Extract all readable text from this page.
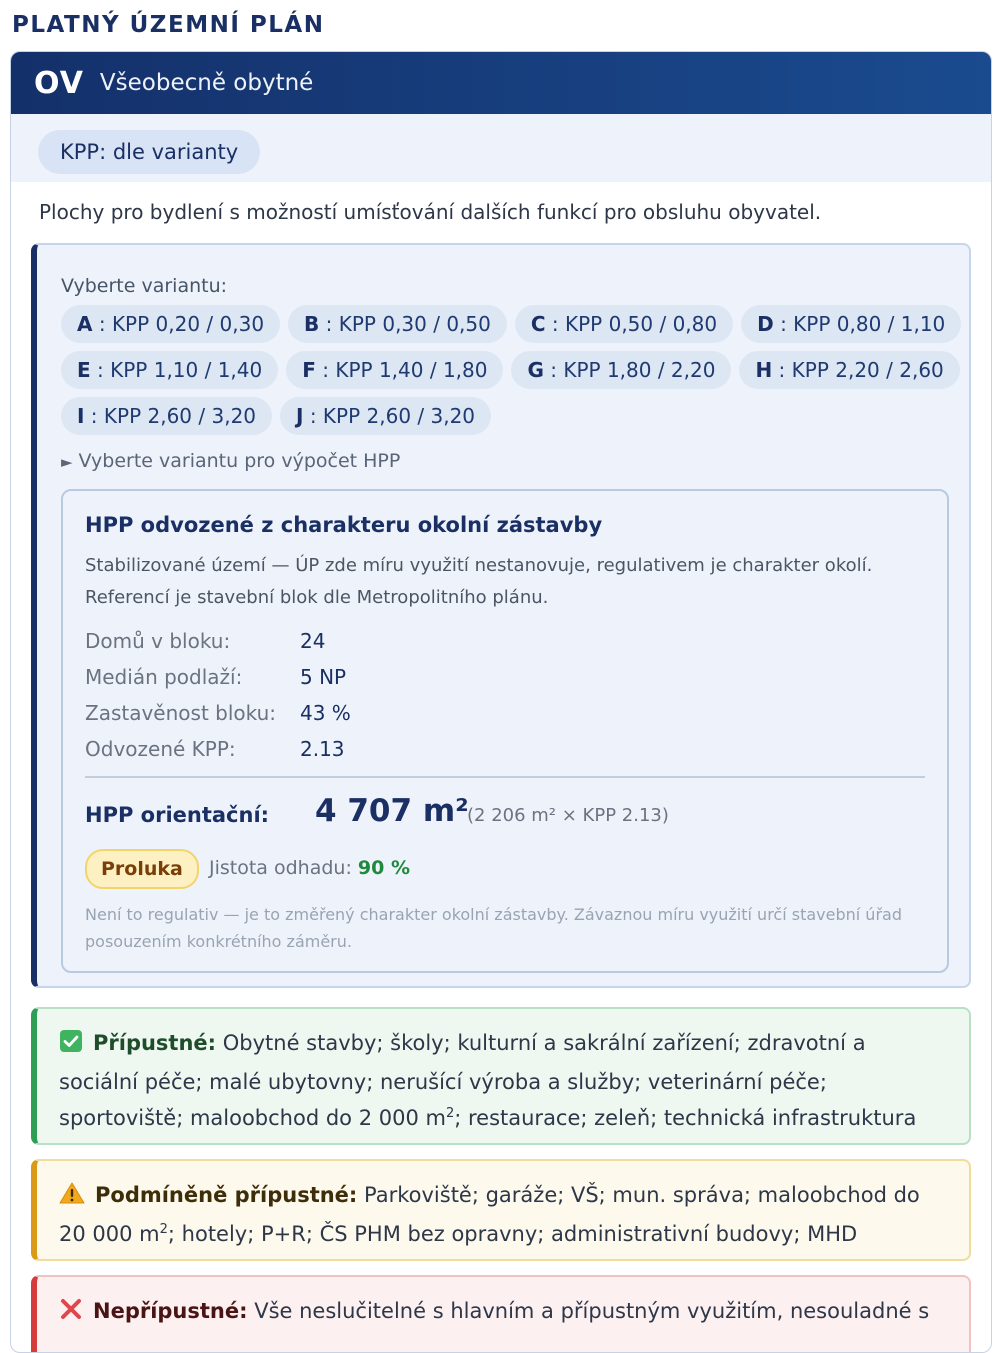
PLATNÝ ÚZEMNÍ PLÁN
OV Všeobecně obytné
KPP: dle varianty
Plochy pro bydlení s možností umísťování dalších funkcí pro obsluhu obyvatel.
Vyberte variantu:
A : KPP 0,20 / 0,30	B : KPP 0,30 / 0,50	C : KPP 0,50 / 0,80	D : KPP 0,80 / 1,10
E : KPP 1,10 / 1,40	F : KPP 1,40 / 1,80	G : KPP 1,80 / 2,20	H : KPP 2,20 / 2,60
I : KPP 2,60 / 3,20	J : KPP 2,60 / 3,20
► Vyberte variantu pro výpočet HPP
HPP odvozené z charakteru okolní zástavby
Stabilizované území — ÚP zde míru využití nestanovuje, regulativem je charakter okolí. Referencí je stavební blok dle Metropolitního plánu.
Domů v bloku:	24
Medián podlaží:	5 NP
Zastavěnost bloku:	43 %
Odvozené KPP:	2.13
HPP orientační: 4 707 m²
(2 206 m² × KPP 2.13)
Proluka	Jistota odhadu: 90 %
Není to regulativ — je to změřený charakter okolní zástavby. Závaznou míru využití určí stavební úřad posouzením konkrétního záměru.
Přípustné: Obytné stavby; školy; kulturní a sakrální zařízení; zdravotní a sociální péče; malé ubytovny; nerušící výroba a služby; veterinární péče; sportoviště; maloobchod do 2 000 $m^2$; restaurace; zeleň; technická infrastruktura
Podmíněně přípustné: Parkoviště; garáže; VŠ; mun. správa; maloobchod do 20 000 $m^2$; hotely; P+R; ČS PHM bez opravny; administrativní budovy; MHD
Nepřípustné: Vše neslučitelné s hlavním a přípustným využitím, nesouladné s
